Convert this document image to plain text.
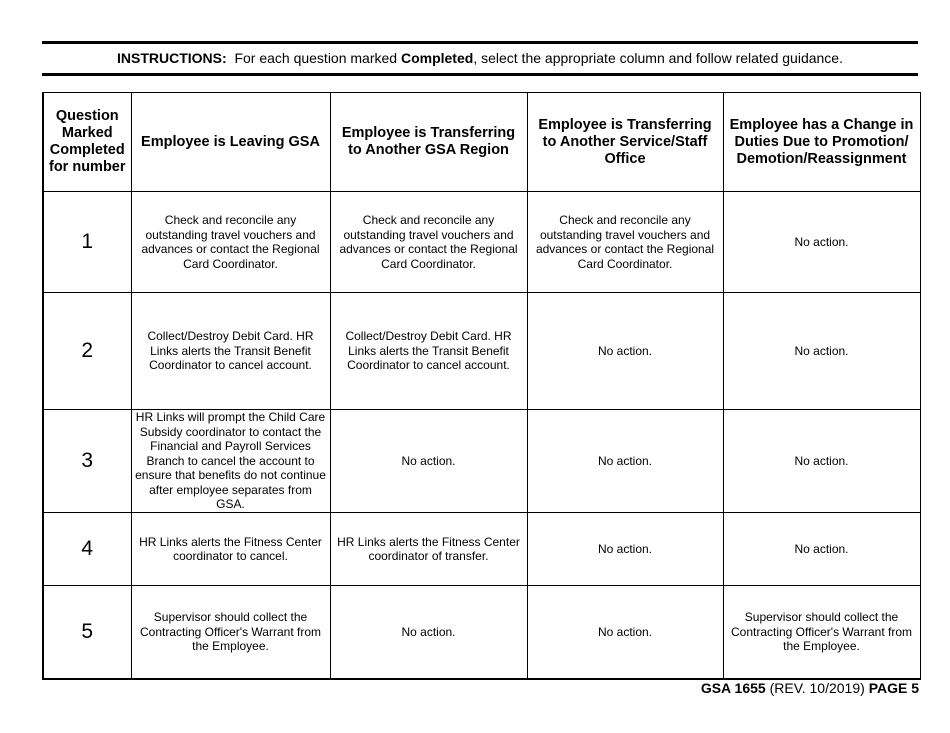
INSTRUCTIONS: For each question marked Completed, select the appropriate column and follow related guidance.
Question Marked Completed for number	Employee is Leaving GSA	Employee is Transferring to Another GSA Region	Employee is Transferring to Another Service/Staff Office	Employee has a Change in Duties Due to Promotion/ Demotion/Reassignment
1	Check and reconcile any outstanding travel vouchers and advances or contact the Regional Card Coordinator.	Check and reconcile any outstanding travel vouchers and advances or contact the Regional Card Coordinator.	Check and reconcile any outstanding travel vouchers and advances or contact the Regional Card Coordinator.	No action.
2	Collect/Destroy Debit Card. HR Links alerts the Transit Benefit Coordinator to cancel account.	Collect/Destroy Debit Card. HR Links alerts the Transit Benefit Coordinator to cancel account.	No action.	No action.
3	HR Links will prompt the Child Care Subsidy coordinator to contact the Financial and Payroll Services Branch to cancel the account to ensure that benefits do not continue after employee separates from GSA.	No action.	No action.	No action.
4	HR Links alerts the Fitness Center coordinator to cancel.	HR Links alerts the Fitness Center coordinator of transfer.	No action.	No action.
5	Supervisor should collect the Contracting Officer's Warrant from the Employee.	No action.	No action.	Supervisor should collect the Contracting Officer's Warrant from the Employee.
GSA 1655 (REV. 10/2019) PAGE 5
